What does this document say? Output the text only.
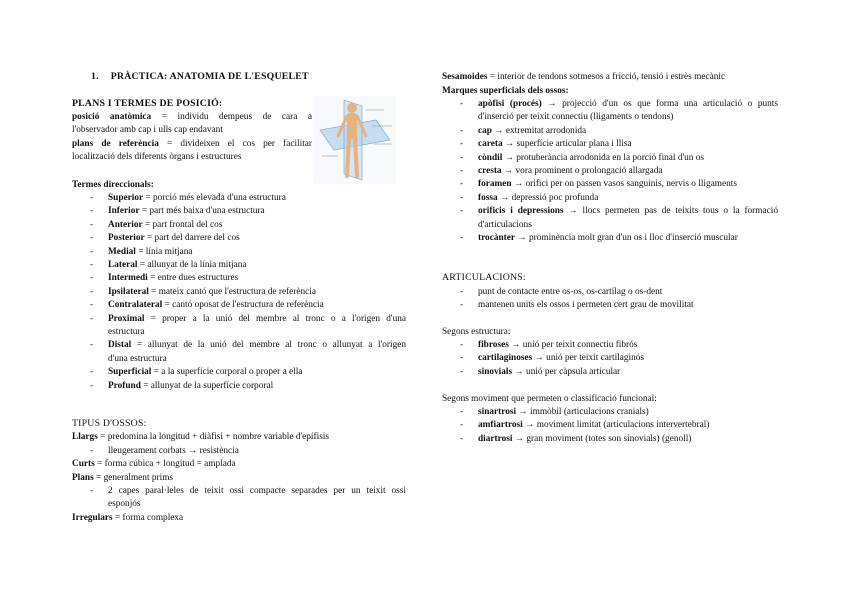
1. PRÀCTICA: ANATOMIA DE L'ESQUELET
PLANS I TERMES DE POSICIÓ:
posició anatòmica = individu dempeus de cara a
l'observador amb cap i ulls cap endavant
plans de referència = divideixen el cos per facilitar
localització dels diferents òrgans i estructures
Termes direccionals:
- Superior = porció més elevada d'una estructura
- Inferior = part més baixa d'una estructura
- Anterior = part frontal del cos
- Posterior = part del darrere del cos
- Medial = línia mitjana
- Lateral = allunyat de la línia mitjana
- Intermedi = entre dues estructures
- Ipsilateral = mateix cantó que l'estructura de referència
- Contralateral = cantó oposat de l'estructura de referència
- Proximal = proper a la unió del membre al tronc o a l'origen d'una
estructura
- Distal = allunyat de la unió del membre al tronc o allunyat a l'origen
d'una estructura
- Superficial = a la superfície corporal o proper a ella
- Profund = allunyat de la superfície corporal
TIPUS D'OSSOS:
Llargs = predomina la longitud + diàfisi + nombre variable d'epífisis
- lleugerament corbats → resistència
Curts = forma cúbica + longitud = amplada
Plans = generalment prims
- 2 capes paral·leles de teixit ossi compacte separades per un teixit ossi
esponjós
Irregulars = forma complexa
Sesamoides = interior de tendons sotmesos a fricció, tensió i estrès mecànic
Marques superficials dels ossos:
- apòfisi (procés) → projecció d'un os que forma una articulació o punts
d'inserció per teixit connectiu (lligaments o tendons)
- cap → extremitat arrodonida
- careta → superfície articular plana i llisa
- còndil → protuberància arrodonida en la porció final d'un os
- cresta → vora prominent o prolongació allargada
- foramen → orifici per on passen vasos sanguinis, nervis o lligaments
- fossa → depressió poc profunda
- orificis i depressions → llocs permeten pas de teixits tous o la formació
d'articulacions
- trocànter → prominència molt gran d'un os i lloc d'inserció muscular
ARTICULACIONS:
- punt de contacte entre os-os, os-cartílag o os-dent
- mantenen units els ossos i permeten cert grau de movilitat
Segons estructura:
- fibroses → unió per teixit connectiu fibrós
- cartilaginoses → unió per teixit cartilaginós
- sinovials → unió per càpsula articular
Segons moviment que permeten o classificació funcional:
- sinartrosi → immòbil (articulacions cranials)
- amfiartrosi → moviment limitat (articulacions intervertebral)
- diartrosi → gran moviment (totes son sinovials) (genoll)
